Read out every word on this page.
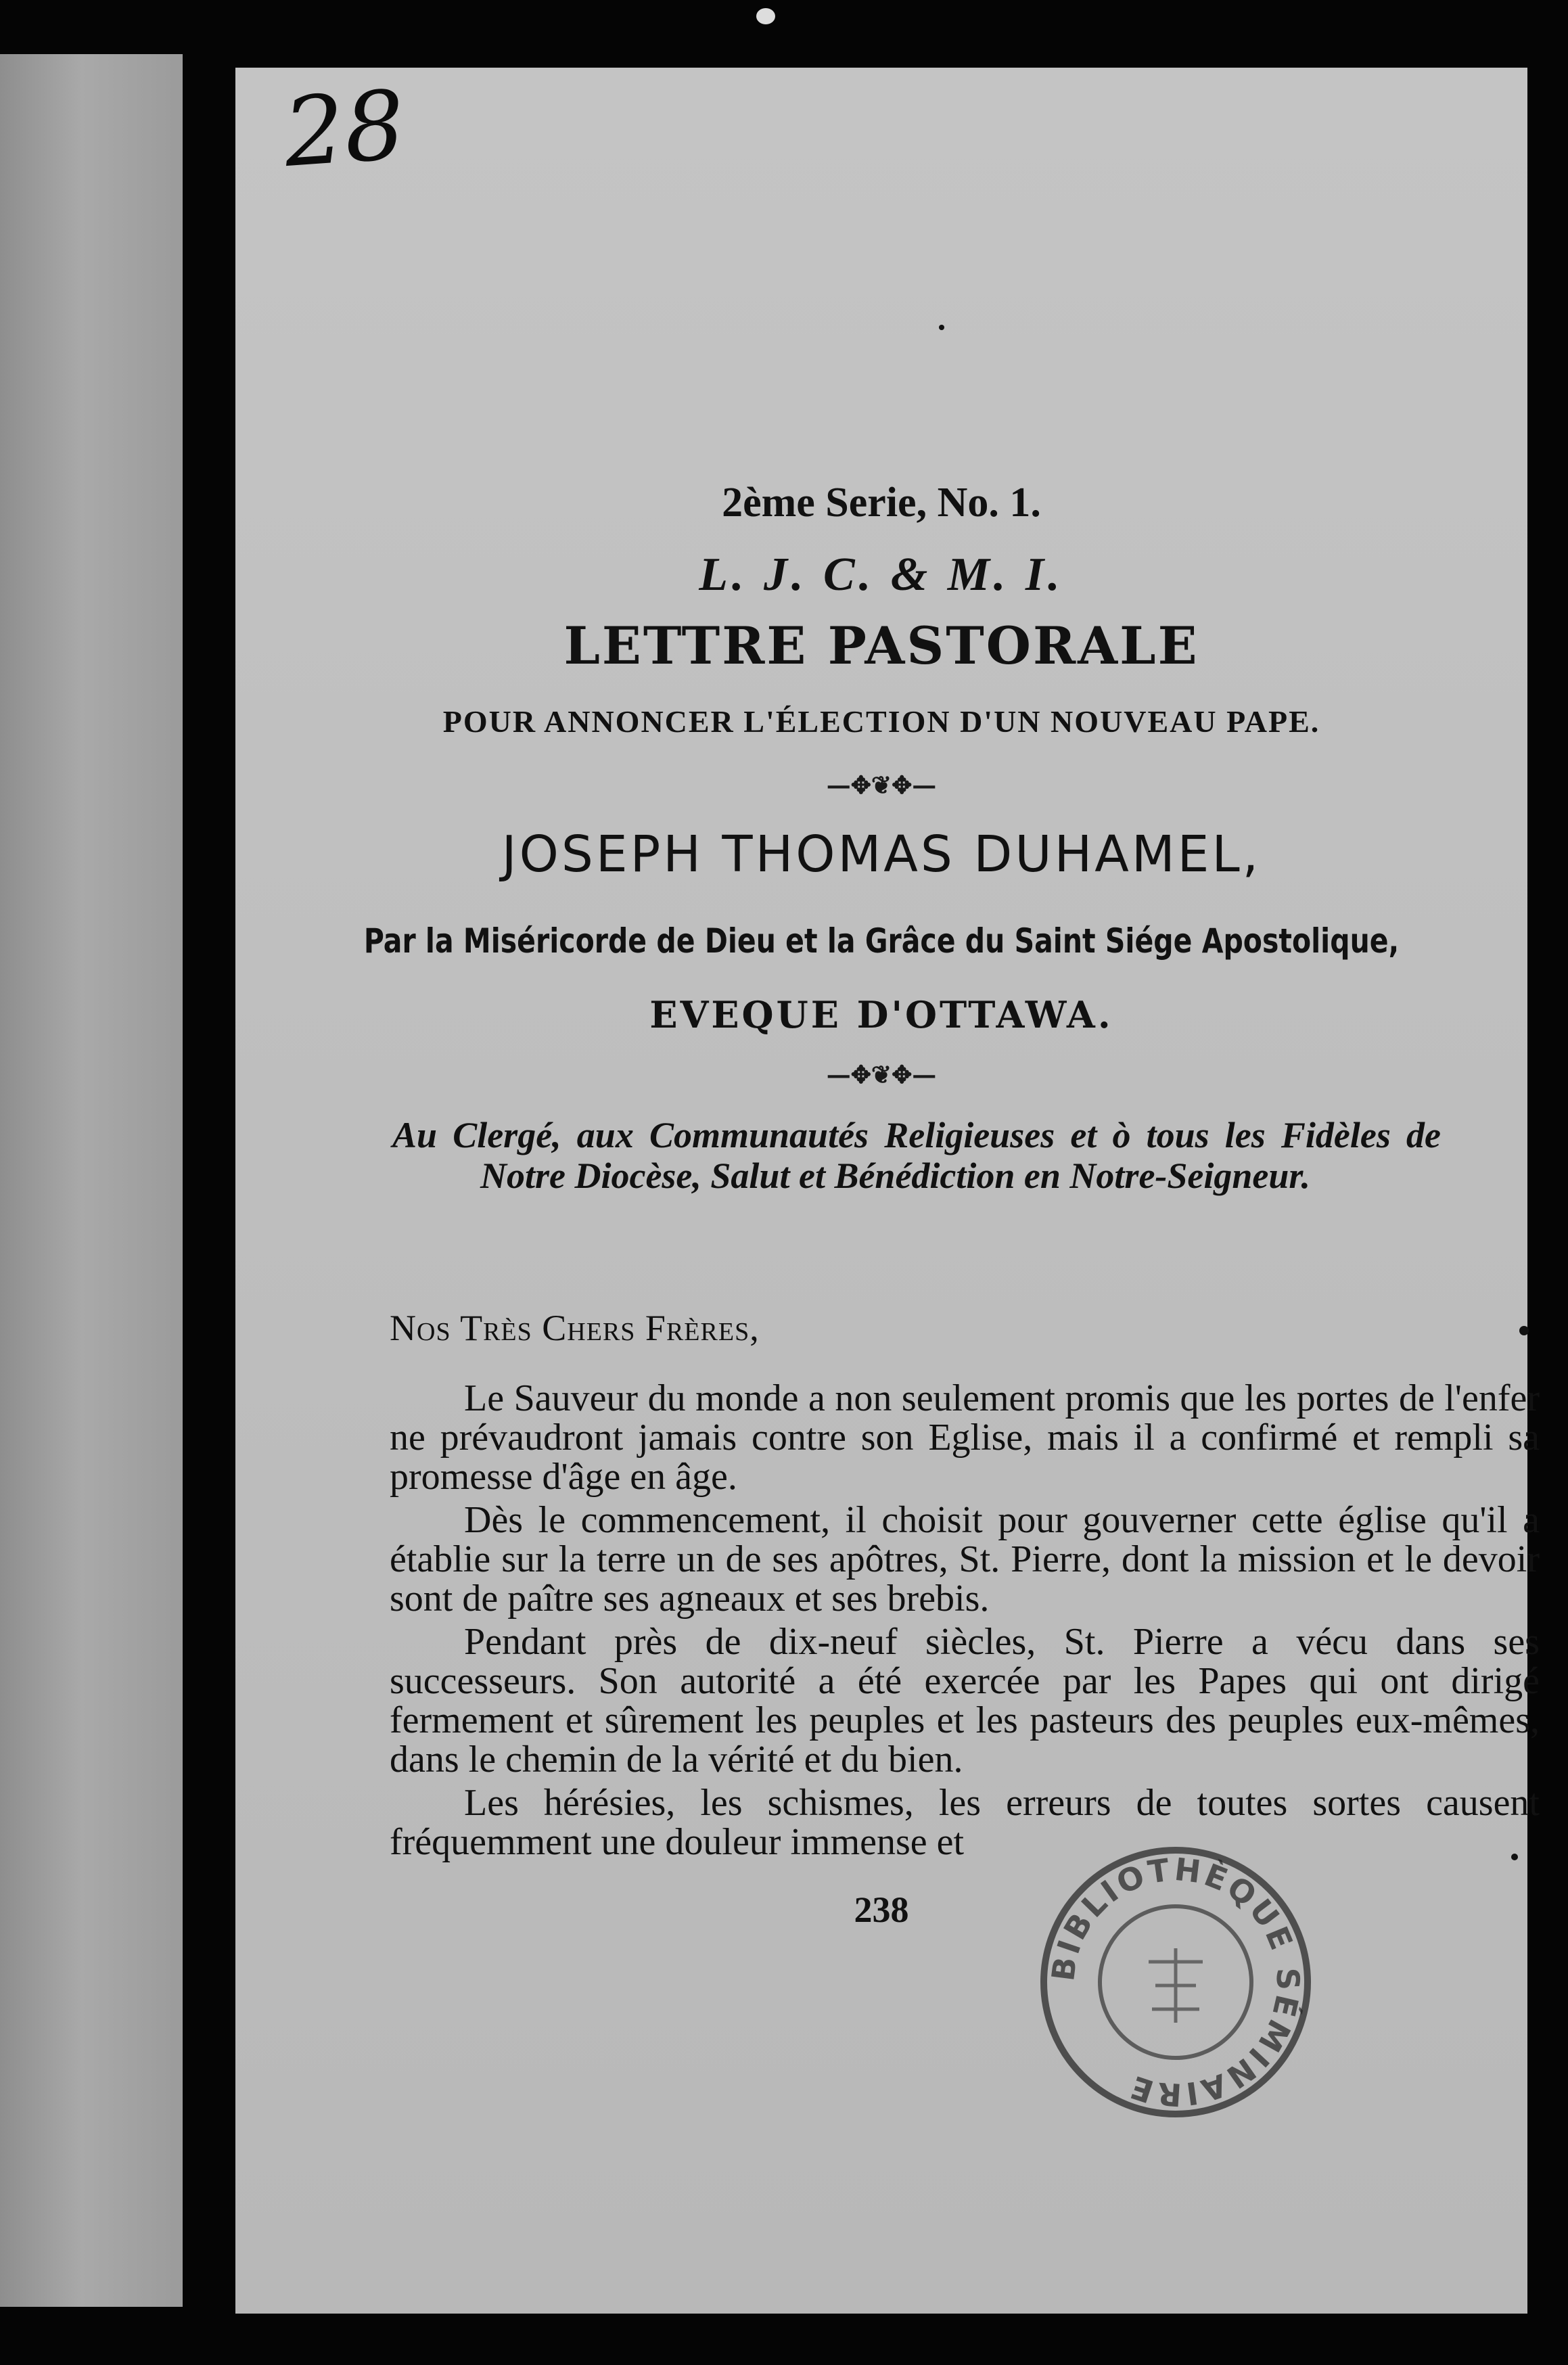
28
2ème Serie, No. 1.
L. J. C. & M. I.
LETTRE PASTORALE
POUR ANNONCER L'ÉLECTION D'UN NOUVEAU PAPE.
—✥❦✥—
JOSEPH THOMAS DUHAMEL,
Par la Miséricorde de Dieu et la Grâce du Saint Siége Apostolique,
EVEQUE D'OTTAWA.
—✥❦✥—
Au Clergé, aux Communautés Religieuses et ò tous les Fidèles de Notre Diocèse, Salut et Bénédiction en Notre-Seigneur.
Nos Très Chers Frères,

Le Sauveur du monde a non seulement promis que les portes de l'enfer ne prévaudront jamais contre son Eglise, mais il a confirmé et rempli sa promesse d'âge en âge.

Dès le commencement, il choisit pour gouverner cette église qu'il a établie sur la terre un de ses apôtres, St. Pierre, dont la mission et le devoir sont de paître ses agneaux et ses brebis.

Pendant près de dix-neuf siècles, St. Pierre a vécu dans ses successeurs. Son autorité a été exercée par les Papes qui ont dirigé fermement et sûrement les peuples et les pasteurs des peuples eux-mêmes, dans le chemin de la vérité et du bien.

Les hérésies, les schismes, les erreurs de toutes sortes causent fréquemment une douleur immense et

238
BIBLIOTHÈQUE SÉMINAIRE
